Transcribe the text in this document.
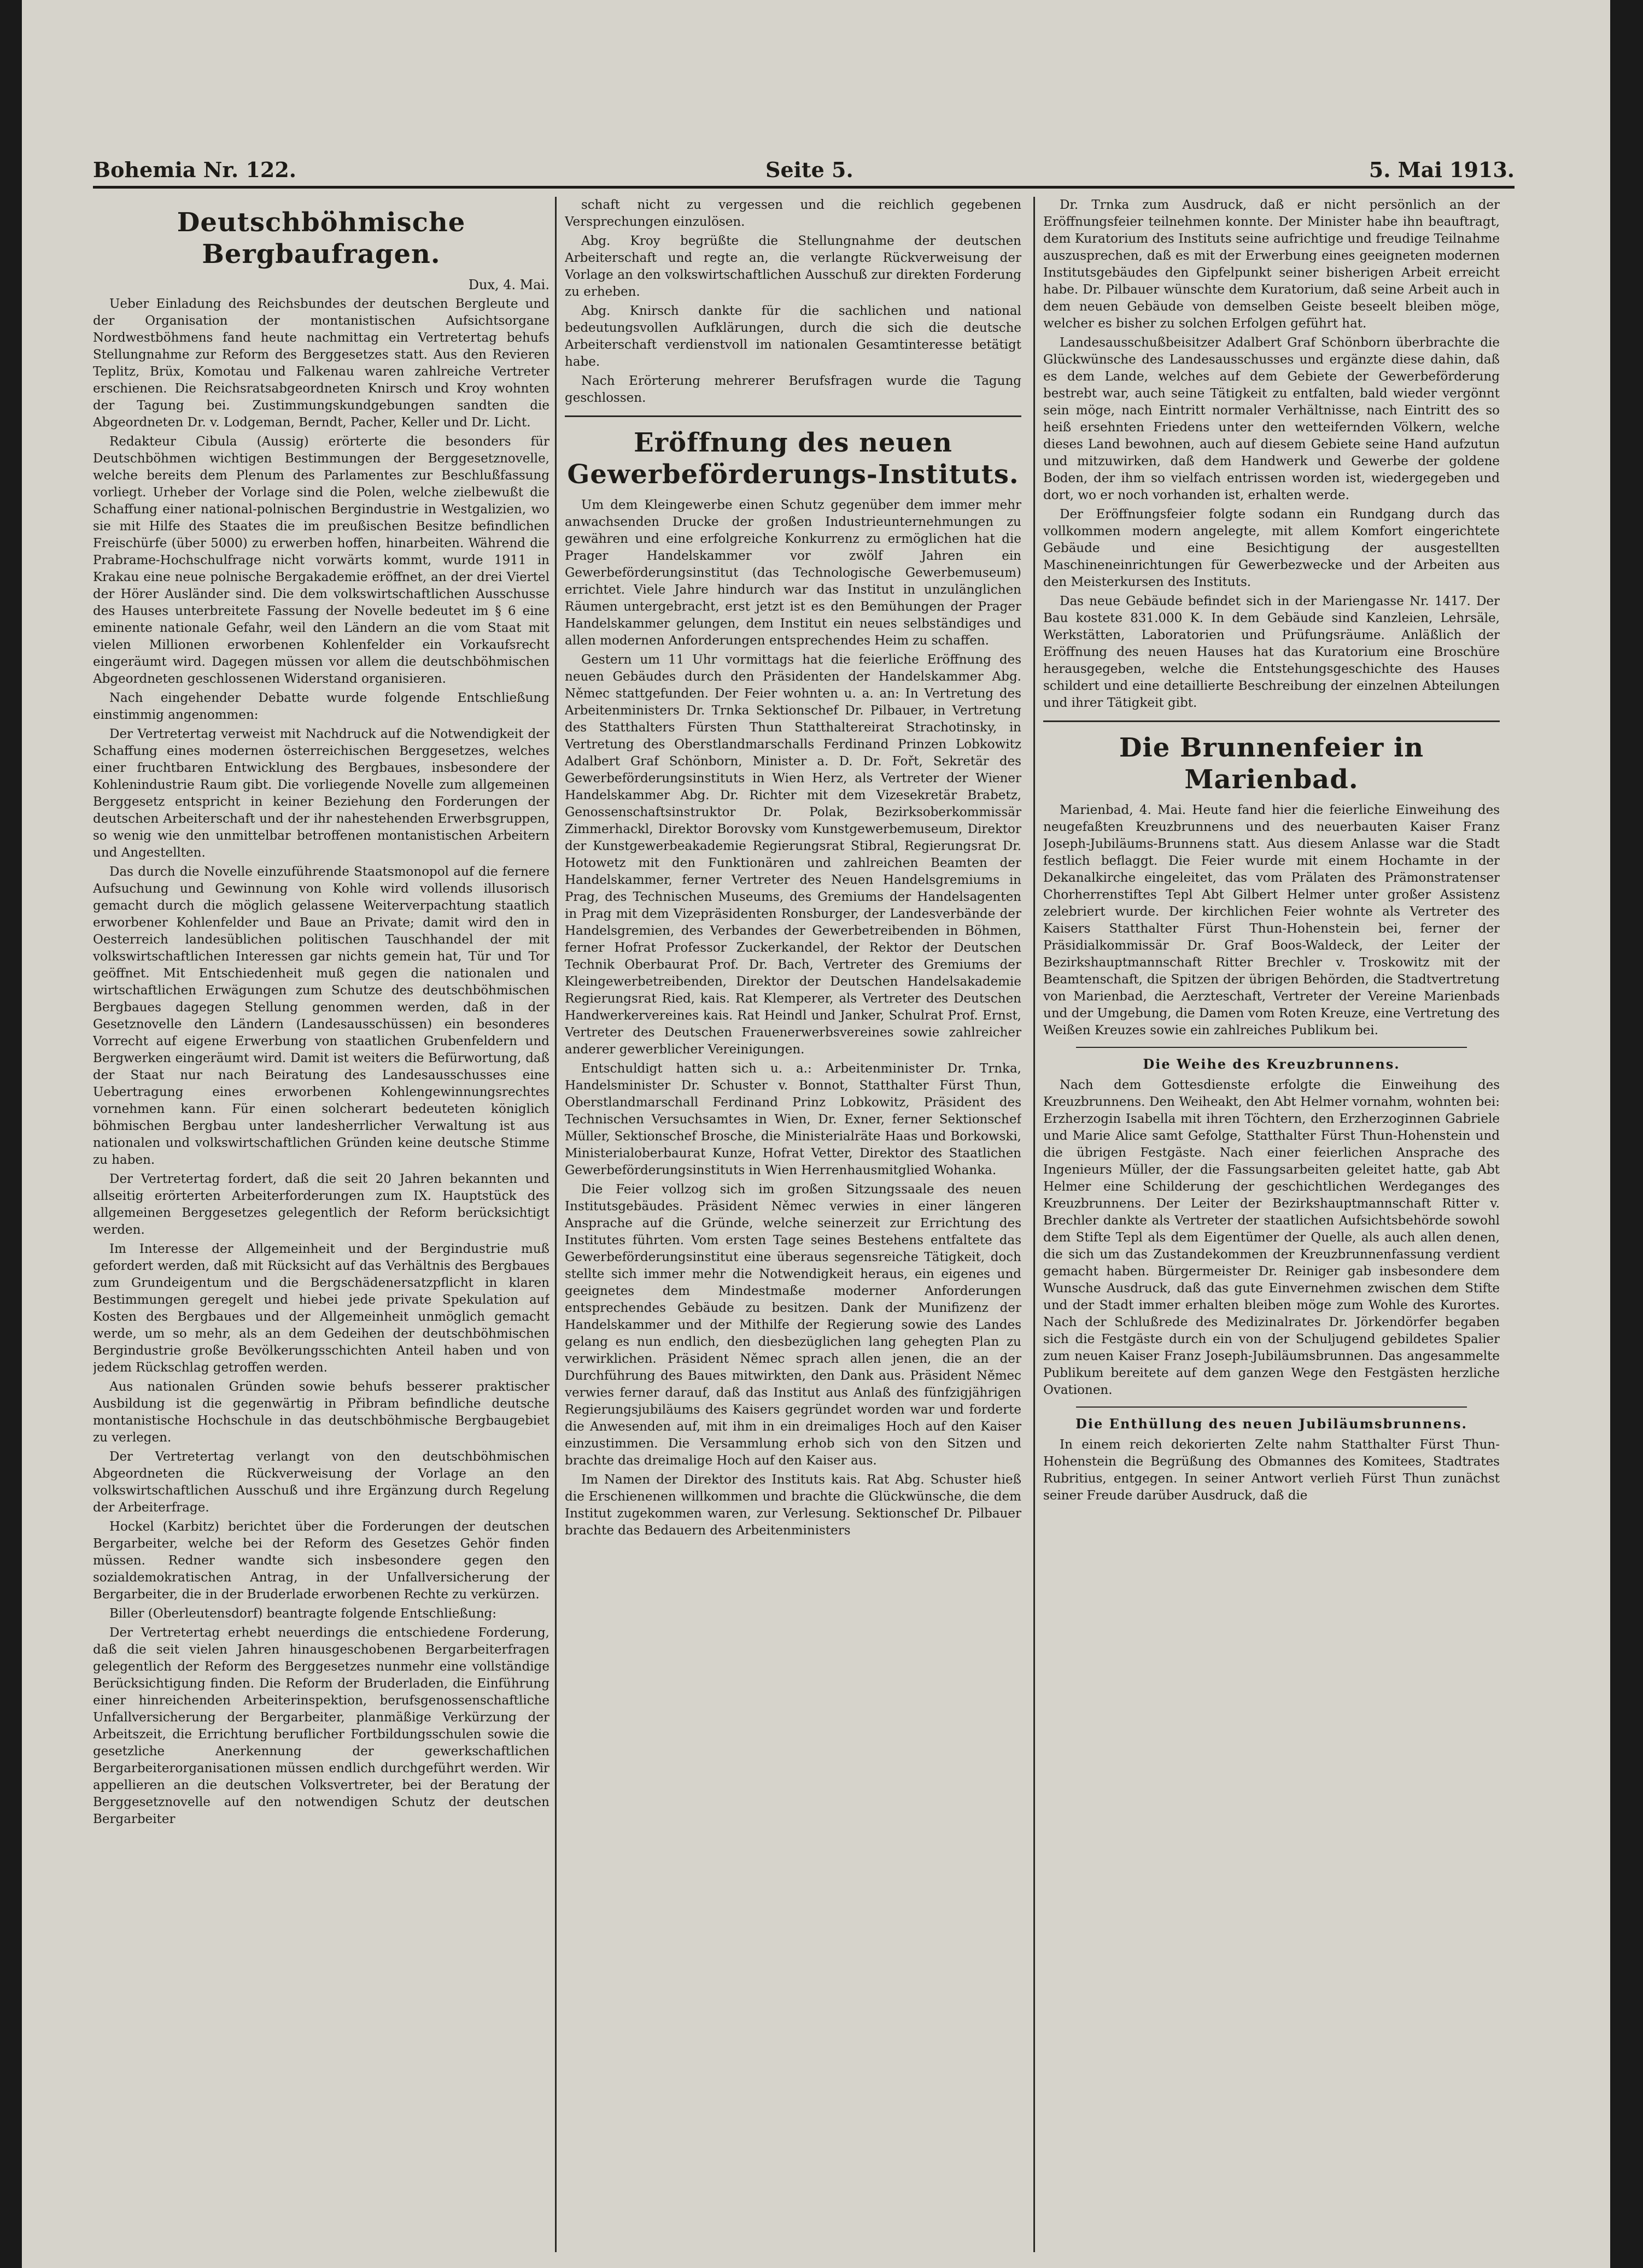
Bohemia Nr. 122.	Seite 5.	5. Mai 1913.
Deutschböhmische Bergbaufragen.
Dux, 4. Mai.

Ueber Einladung des Reichsbundes der deutschen Bergleute und der Organisation der montanistischen Aufsichtsorgane Nordwestböhmens fand heute nachmittag ein Vertretertag behufs Stellungnahme zur Reform des Berggesetzes statt. Aus den Revieren Teplitz, Brüx, Komotau und Falkenau waren zahlreiche Vertreter erschienen. Die Reichsratsabgeordneten Knirsch und Kroy wohnten der Tagung bei. Zustimmungskundgebungen sandten die Abgeordneten Dr. v. Lodgeman, Berndt, Pacher, Keller und Dr. Licht.

Redakteur Cibula (Aussig) erörterte die besonders für Deutschböhmen wichtigen Bestimmungen der Berggesetznovelle, welche bereits dem Plenum des Parlamentes zur Beschlußfassung vorliegt. Urheber der Vorlage sind die Polen, welche zielbewußt die Schaffung einer national-polnischen Bergindustrie in Westgalizien, wo sie mit Hilfe des Staates die im preußischen Besitze befindlichen Freischürfe (über 5000) zu erwerben hoffen, hinarbeiten. Während die Prabrame-Hochschulfrage nicht vorwärts kommt, wurde 1911 in Krakau eine neue polnische Bergakademie eröffnet, an der drei Viertel der Hörer Ausländer sind. Die dem volkswirtschaftlichen Ausschusse des Hauses unterbreitete Fassung der Novelle bedeutet im § 6 eine eminente nationale Gefahr, weil den Ländern an die vom Staat mit vielen Millionen erworbenen Kohlenfelder ein Vorkaufsrecht eingeräumt wird. Dagegen müssen vor allem die deutschböhmischen Abgeordneten geschlossenen Widerstand organisieren.

Nach eingehender Debatte wurde folgende Entschließung einstimmig angenommen:

Der Vertretertag verweist mit Nachdruck auf die Notwendigkeit der Schaffung eines modernen österreichischen Berggesetzes, welches einer fruchtbaren Entwicklung des Bergbaues, insbesondere der Kohlenindustrie Raum gibt. Die vorliegende Novelle zum allgemeinen Berggesetz entspricht in keiner Beziehung den Forderungen der deutschen Arbeiterschaft und der ihr nahestehenden Erwerbsgruppen, so wenig wie den unmittelbar betroffenen montanistischen Arbeitern und Angestellten.

Das durch die Novelle einzuführende Staatsmonopol auf die fernere Aufsuchung und Gewinnung von Kohle wird vollends illusorisch gemacht durch die möglich gelassene Weiterverpachtung staatlich erworbener Kohlenfelder und Baue an Private; damit wird den in Oesterreich landesüblichen politischen Tauschhandel der mit volkswirtschaftlichen Interessen gar nichts gemein hat, Tür und Tor geöffnet. Mit Entschiedenheit muß gegen die nationalen und wirtschaftlichen Erwägungen zum Schutze des deutschböhmischen Bergbaues dagegen Stellung genommen werden, daß in der Gesetznovelle den Ländern (Landesausschüssen) ein besonderes Vorrecht auf eigene Erwerbung von staatlichen Grubenfeldern und Bergwerken eingeräumt wird. Damit ist weiters die Befürwortung, daß der Staat nur nach Beiratung des Landesausschusses eine Uebertragung eines erworbenen Kohlengewinnungsrechtes vornehmen kann. Für einen solcherart bedeuteten königlich böhmischen Bergbau unter landesherrlicher Verwaltung ist aus nationalen und volkswirtschaftlichen Gründen keine deutsche Stimme zu haben.

Der Vertretertag fordert, daß die seit 20 Jahren bekannten und allseitig erörterten Arbeiterforderungen zum IX. Hauptstück des allgemeinen Berggesetzes gelegentlich der Reform berücksichtigt werden.

Im Interesse der Allgemeinheit und der Bergindustrie muß gefordert werden, daß mit Rücksicht auf das Verhältnis des Bergbaues zum Grundeigentum und die Bergschädenersatzpflicht in klaren Bestimmungen geregelt und hiebei jede private Spekulation auf Kosten des Bergbaues und der Allgemeinheit unmöglich gemacht werde, um so mehr, als an dem Gedeihen der deutschböhmischen Bergindustrie große Bevölkerungsschichten Anteil haben und von jedem Rückschlag getroffen werden.

Aus nationalen Gründen sowie behufs besserer praktischer Ausbildung ist die gegenwärtig in Přibram befindliche deutsche montanistische Hochschule in das deutschböhmische Bergbaugebiet zu verlegen.

Der Vertretertag verlangt von den deutschböhmischen Abgeordneten die Rückverweisung der Vorlage an den volkswirtschaftlichen Ausschuß und ihre Ergänzung durch Regelung der Arbeiterfrage.

Hockel (Karbitz) berichtet über die Forderungen der deutschen Bergarbeiter, welche bei der Reform des Gesetzes Gehör finden müssen. Redner wandte sich insbesondere gegen den sozialdemokratischen Antrag, in der Unfallversicherung der Bergarbeiter, die in der Bruderlade erworbenen Rechte zu verkürzen.

Biller (Oberleutensdorf) beantragte folgende Entschließung:

Der Vertretertag erhebt neuerdings die entschiedene Forderung, daß die seit vielen Jahren hinausgeschobenen Bergarbeiterfragen gelegentlich der Reform des Berggesetzes nunmehr eine vollständige Berücksichtigung finden. Die Reform der Bruderladen, die Einführung einer hinreichenden Arbeiterinspektion, berufsgenossenschaftliche Unfallversicherung der Bergarbeiter, planmäßige Verkürzung der Arbeitszeit, die Errichtung beruflicher Fortbildungsschulen sowie die gesetzliche Anerkennung der gewerkschaftlichen Bergarbeiterorganisationen müssen endlich durchgeführt werden. Wir appellieren an die deutschen Volksvertreter, bei der Beratung der Berggesetznovelle auf den notwendigen Schutz der deutschen Bergarbeiter

schaft nicht zu vergessen und die reichlich gegebenen Versprechungen einzulösen.

Abg. Kroy begrüßte die Stellungnahme der deutschen Arbeiterschaft und regte an, die verlangte Rückverweisung der Vorlage an den volkswirtschaftlichen Ausschuß zur direkten Forderung zu erheben.

Abg. Knirsch dankte für die sachlichen und national bedeutungsvollen Aufklärungen, durch die sich die deutsche Arbeiterschaft verdienstvoll im nationalen Gesamtinteresse betätigt habe.

Nach Erörterung mehrerer Berufsfragen wurde die Tagung geschlossen.

Eröffnung des neuen Gewerbeförderungs-Instituts.

Um dem Kleingewerbe einen Schutz gegenüber dem immer mehr anwachsenden Drucke der großen Industrieunternehmungen zu gewähren und eine erfolgreiche Konkurrenz zu ermöglichen hat die Prager Handelskammer vor zwölf Jahren ein Gewerbeförderungsinstitut (das Technologische Gewerbemuseum) errichtet. Viele Jahre hindurch war das Institut in unzulänglichen Räumen untergebracht, erst jetzt ist es den Bemühungen der Prager Handelskammer gelungen, dem Institut ein neues selbständiges und allen modernen Anforderungen entsprechendes Heim zu schaffen.

Gestern um 11 Uhr vormittags hat die feierliche Eröffnung des neuen Gebäudes durch den Präsidenten der Handelskammer Abg. Němec stattgefunden. Der Feier wohnten u. a. an: In Vertretung des Arbeitenministers Dr. Trnka Sektionschef Dr. Pilbauer, in Vertretung des Statthalters Fürsten Thun Statthaltereirat Strachotinsky, in Vertretung des Oberstlandmarschalls Ferdinand Prinzen Lobkowitz Adalbert Graf Schönborn, Minister a. D. Dr. Fořt, Sekretär des Gewerbeförderungsinstituts in Wien Herz, als Vertreter der Wiener Handelskammer Abg. Dr. Richter mit dem Vizesekretär Brabetz, Genossenschaftsinstruktor Dr. Polak, Bezirksoberkommissär Zimmerhackl, Direktor Borovsky vom Kunstgewerbemuseum, Direktor der Kunstgewerbeakademie Regierungsrat Stibral, Regierungsrat Dr. Hotowetz mit den Funktionären und zahlreichen Beamten der Handelskammer, ferner Vertreter des Neuen Handelsgremiums in Prag, des Technischen Museums, des Gremiums der Handelsagenten in Prag mit dem Vizepräsidenten Ronsburger, der Landesverbände der Handelsgremien, des Verbandes der Gewerbetreibenden in Böhmen, ferner Hofrat Professor Zuckerkandel, der Rektor der Deutschen Technik Oberbaurat Prof. Dr. Bach, Vertreter des Gremiums der Kleingewerbetreibenden, Direktor der Deutschen Handelsakademie Regierungsrat Ried, kais. Rat Klemperer, als Vertreter des Deutschen Handwerkervereines kais. Rat Heindl und Janker, Schulrat Prof. Ernst, Vertreter des Deutschen Frauenerwerbsvereines sowie zahlreicher anderer gewerblicher Vereinigungen.

Entschuldigt hatten sich u. a.: Arbeitenminister Dr. Trnka, Handelsminister Dr. Schuster v. Bonnot, Statthalter Fürst Thun, Oberstlandmarschall Ferdinand Prinz Lobkowitz, Präsident des Technischen Versuchsamtes in Wien, Dr. Exner, ferner Sektionschef Müller, Sektionschef Brosche, die Ministerialräte Haas und Borkowski, Ministerialoberbaurat Kunze, Hofrat Vetter, Direktor des Staatlichen Gewerbeförderungsinstituts in Wien Herrenhausmitglied Wohanka.

Die Feier vollzog sich im großen Sitzungssaale des neuen Institutsgebäudes. Präsident Němec verwies in einer längeren Ansprache auf die Gründe, welche seinerzeit zur Errichtung des Institutes führten. Vom ersten Tage seines Bestehens entfaltete das Gewerbeförderungsinstitut eine überaus segensreiche Tätigkeit, doch stellte sich immer mehr die Notwendigkeit heraus, ein eigenes und geeignetes dem Mindestmaße moderner Anforderungen entsprechendes Gebäude zu besitzen. Dank der Munifizenz der Handelskammer und der Mithilfe der Regierung sowie des Landes gelang es nun endlich, den diesbezüglichen lang gehegten Plan zu verwirklichen. Präsident Němec sprach allen jenen, die an der Durchführung des Baues mitwirkten, den Dank aus. Präsident Němec verwies ferner darauf, daß das Institut aus Anlaß des fünfzigjährigen Regierungsjubiläums des Kaisers gegründet worden war und forderte die Anwesenden auf, mit ihm in ein dreimaliges Hoch auf den Kaiser einzustimmen. Die Versammlung erhob sich von den Sitzen und brachte das dreimalige Hoch auf den Kaiser aus.

Im Namen der Direktor des Instituts kais. Rat Abg. Schuster hieß die Erschienenen willkommen und brachte die Glückwünsche, die dem Institut zugekommen waren, zur Verlesung. Sektionschef Dr. Pilbauer brachte das Bedauern des Arbeitenministers

Dr. Trnka zum Ausdruck, daß er nicht persönlich an der Eröffnungsfeier teilnehmen konnte. Der Minister habe ihn beauftragt, dem Kuratorium des Instituts seine aufrichtige und freudige Teilnahme auszusprechen, daß es mit der Erwerbung eines geeigneten modernen Institutsgebäudes den Gipfelpunkt seiner bisherigen Arbeit erreicht habe. Dr. Pilbauer wünschte dem Kuratorium, daß seine Arbeit auch in dem neuen Gebäude von demselben Geiste beseelt bleiben möge, welcher es bisher zu solchen Erfolgen geführt hat.

Landesausschußbeisitzer Adalbert Graf Schönborn überbrachte die Glückwünsche des Landesausschusses und ergänzte diese dahin, daß es dem Lande, welches auf dem Gebiete der Gewerbeförderung bestrebt war, auch seine Tätigkeit zu entfalten, bald wieder vergönnt sein möge, nach Eintritt normaler Verhältnisse, nach Eintritt des so heiß ersehnten Friedens unter den wetteifernden Völkern, welche dieses Land bewohnen, auch auf diesem Gebiete seine Hand aufzutun und mitzuwirken, daß dem Handwerk und Gewerbe der goldene Boden, der ihm so vielfach entrissen worden ist, wiedergegeben und dort, wo er noch vorhanden ist, erhalten werde.

Der Eröffnungsfeier folgte sodann ein Rundgang durch das vollkommen modern angelegte, mit allem Komfort eingerichtete Gebäude und eine Besichtigung der ausgestellten Maschineneinrichtungen für Gewerbezwecke und der Arbeiten aus den Meisterkursen des Instituts.

Das neue Gebäude befindet sich in der Mariengasse Nr. 1417. Der Bau kostete 831.000 K. In dem Gebäude sind Kanzleien, Lehrsäle, Werkstätten, Laboratorien und Prüfungsräume. Anläßlich der Eröffnung des neuen Hauses hat das Kuratorium eine Broschüre herausgegeben, welche die Entstehungsgeschichte des Hauses schildert und eine detaillierte Beschreibung der einzelnen Abteilungen und ihrer Tätigkeit gibt.

Die Brunnenfeier in Marienbad.

Marienbad, 4. Mai. Heute fand hier die feierliche Einweihung des neugefaßten Kreuzbrunnens und des neuerbauten Kaiser Franz Joseph-Jubiläums-Brunnens statt. Aus diesem Anlasse war die Stadt festlich beflaggt. Die Feier wurde mit einem Hochamte in der Dekanalkirche eingeleitet, das vom Prälaten des Prämonstratenser Chorherrenstiftes Tepl Abt Gilbert Helmer unter großer Assistenz zelebriert wurde. Der kirchlichen Feier wohnte als Vertreter des Kaisers Statthalter Fürst Thun-Hohenstein bei, ferner der Präsidialkommissär Dr. Graf Boos-Waldeck, der Leiter der Bezirkshauptmannschaft Ritter Brechler v. Troskowitz mit der Beamtenschaft, die Spitzen der übrigen Behörden, die Stadtvertretung von Marienbad, die Aerzteschaft, Vertreter der Vereine Marienbads und der Umgebung, die Damen vom Roten Kreuze, eine Vertretung des Weißen Kreuzes sowie ein zahlreiches Publikum bei.

Die Weihe des Kreuzbrunnens.

Nach dem Gottesdienste erfolgte die Einweihung des Kreuzbrunnens. Den Weiheakt, den Abt Helmer vornahm, wohnten bei: Erzherzogin Isabella mit ihren Töchtern, den Erzherzoginnen Gabriele und Marie Alice samt Gefolge, Statthalter Fürst Thun-Hohenstein und die übrigen Festgäste. Nach einer feierlichen Ansprache des Ingenieurs Müller, der die Fassungsarbeiten geleitet hatte, gab Abt Helmer eine Schilderung der geschichtlichen Werdeganges des Kreuzbrunnens. Der Leiter der Bezirkshauptmannschaft Ritter v. Brechler dankte als Vertreter der staatlichen Aufsichtsbehörde sowohl dem Stifte Tepl als dem Eigentümer der Quelle, als auch allen denen, die sich um das Zustandekommen der Kreuzbrunnenfassung verdient gemacht haben. Bürgermeister Dr. Reiniger gab insbesondere dem Wunsche Ausdruck, daß das gute Einvernehmen zwischen dem Stifte und der Stadt immer erhalten bleiben möge zum Wohle des Kurortes. Nach der Schlußrede des Medizinalrates Dr. Jörkendörfer begaben sich die Festgäste durch ein von der Schuljugend gebildetes Spalier zum neuen Kaiser Franz Joseph-Jubiläumsbrunnen. Das angesammelte Publikum bereitete auf dem ganzen Wege den Festgästen herzliche Ovationen.

Die Enthüllung des neuen Jubiläumsbrunnens.

In einem reich dekorierten Zelte nahm Statthalter Fürst Thun-Hohenstein die Begrüßung des Obmannes des Komitees, Stadtrates Rubritius, entgegen. In seiner Antwort verlieh Fürst Thun zunächst seiner Freude darüber Ausdruck, daß die
